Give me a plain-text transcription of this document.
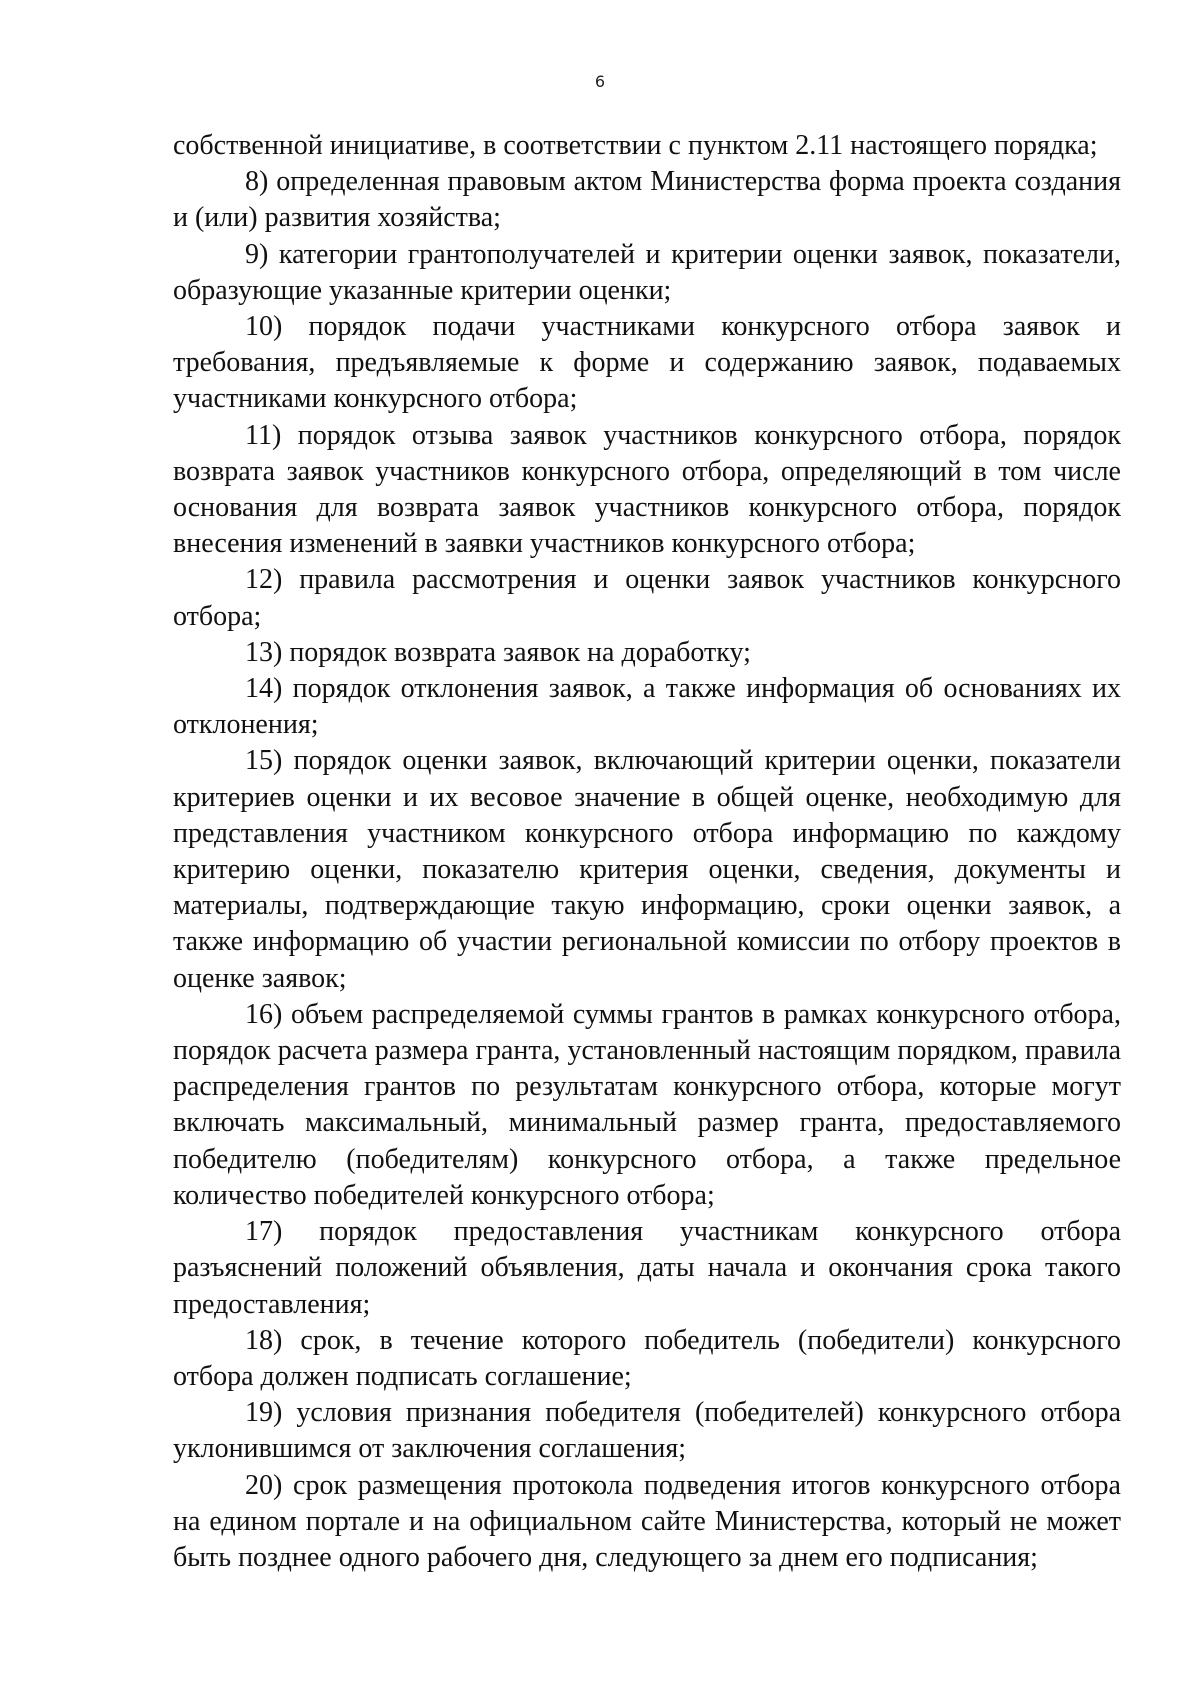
6

собственной инициативе, в соответствии с пунктом 2.11 настоящего порядка;

8) определенная правовым актом Министерства форма проекта создания и (или) развития хозяйства;

9) категории грантополучателей и критерии оценки заявок, показатели, образующие указанные критерии оценки;

10) порядок подачи участниками конкурсного отбора заявок и требования, предъявляемые к форме и содержанию заявок, подаваемых участниками конкурсного отбора;

11) порядок отзыва заявок участников конкурсного отбора, порядок возврата заявок участников конкурсного отбора, определяющий в том числе основания для возврата заявок участников конкурсного отбора, порядок внесения изменений в заявки участников конкурсного отбора;

12) правила рассмотрения и оценки заявок участников конкурсного отбора;

13) порядок возврата заявок на доработку;

14) порядок отклонения заявок, а также информация об основаниях их отклонения;

15) порядок оценки заявок, включающий критерии оценки, показатели критериев оценки и их весовое значение в общей оценке, необходимую для представления участником конкурсного отбора информацию по каждому критерию оценки, показателю критерия оценки, сведения, документы и материалы, подтверждающие такую информацию, сроки оценки заявок, а также информацию об участии региональной комиссии по отбору проектов в оценке заявок;

16) объем распределяемой суммы грантов в рамках конкурсного отбора, порядок расчета размера гранта, установленный настоящим порядком, правила распределения грантов по результатам конкурсного отбора, которые могут включать максимальный, минимальный размер гранта, предоставляемого победителю (победителям) конкурсного отбора, а также предельное количество победителей конкурсного отбора;

17) порядок предоставления участникам конкурсного отбора разъяснений положений объявления, даты начала и окончания срока такого предоставления;

18) срок, в течение которого победитель (победители) конкурсного отбора должен подписать соглашение;

19) условия признания победителя (победителей) конкурсного отбора уклонившимся от заключения соглашения;

20) срок размещения протокола подведения итогов конкурсного отбора на едином портале и на официальном сайте Министерства, который не может быть позднее одного рабочего дня, следующего за днем его подписания;
